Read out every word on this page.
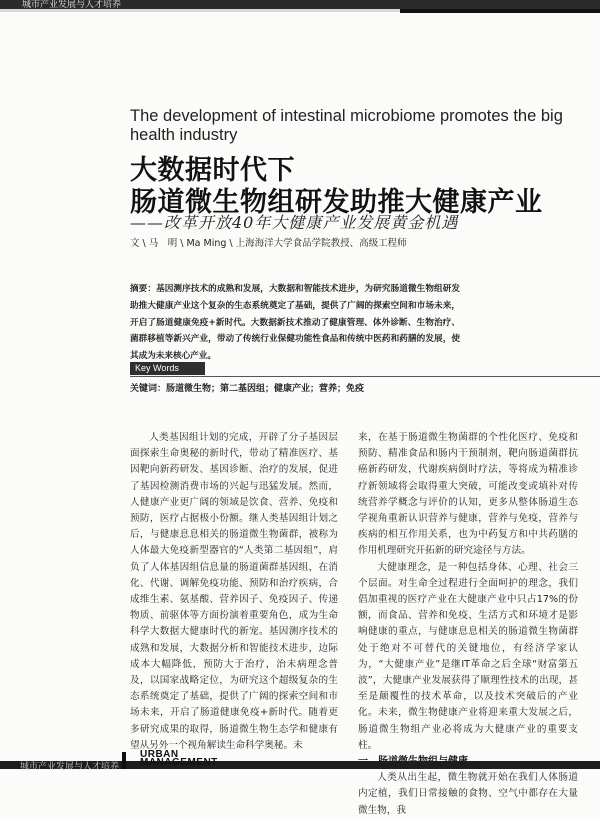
城市产业发展与人才培养
The development of intestinal microbiome promotes the big health industry
大数据时代下
肠道微生物组研发助推大健康产业
——改革开放40年大健康产业发展黄金机遇
文 \ 马　明 \ Ma Ming \ 上海海洋大学食品学院教授、高级工程师
摘要：基因测序技术的成熟和发展，大数据和智能技术进步，为研究肠道微生物组研发助推大健康产业这个复杂的生态系统奠定了基础，提供了广阔的探索空间和市场未来，开启了肠道健康免疫+新时代。大数据新技术推动了健康管理、体外诊断、生物治疗、菌群移植等新兴产业，带动了传统行业保健功能性食品和传统中医药和药膳的发展，使其成为未来核心产业。
Key Words
关键词：肠道微生物；第二基因组；健康产业；营养；免疫

人类基因组计划的完成，开辟了分子基因层面探索生命奥秘的新时代，带动了精准医疗、基因靶向新药研发、基因诊断、治疗的发展，促进了基因检测消费市场的兴起与迅猛发展。然而，人健康产业更广阔的领域是饮食、营养、免疫和预防，医疗占据极小份额。继人类基因组计划之后，与健康息息相关的肠道微生物菌群，被称为人体最大免疫新型器官的“人类第二基因组”，肩负了人体基因组信息量的肠道菌群基因组，在消化、代谢、调解免疫功能、预防和治疗疾病，合成维生素、氨基酸、营养因子、免疫因子、传递物质、前驱体等方面扮演着重要角色，成为生命科学大数据大健康时代的新宠。基因测序技术的成熟和发展，大数据分析和智能技术进步，边际成本大幅降低，预防大于治疗，治未病理念普及，以国家战略定位，为研究这个超级复杂的生态系统奠定了基础，提供了广阔的探索空间和市场未来，开启了肠道健康免疫+新时代。随着更多研究成果的取得，肠道微生物生态学和健康有望从另外一个视角解读生命科学奥秘。未

来，在基于肠道微生物菌群的个性化医疗、免疫和预防、精准食品和肠内干预制剂，靶向肠道菌群抗癌新药研发，代谢疾病倒时疗法，等将成为精准诊疗新领域将会取得重大突破，可能改变或填补对传统营养学概念与评价的认知，更多从整体肠道生态学视角重新认识营养与健康，营养与免疫，营养与疾病的相互作用关系，也为中药复方和中共药膳的作用机理研究开拓新的研究途径与方法。

大健康理念，是一种包括身体、心理、社会三个层面。对生命全过程进行全面呵护的理念，我们倡加重视的医疗产业在大健康产业中只占17%的份额，而食品、营养和免疫、生活方式和环境才是影响健康的重点，与健康息息相关的肠道微生物菌群处于绝对不可替代的关键地位，有经济学家认为，“大健康产业”是继IT革命之后全球“财富第五波”，大健康产业发展获得了顺理性技术的出现，甚至是颠覆性的技术革命，以及技术突破后的产业化。未来，微生物健康产业将迎来重大发展之后，肠道微生物组产业必将成为大健康产业的重要支柱。

人类从出生起，微生物就开始在我们人体肠道内定植，我们日常接触的食物、空气中都存在大量微生物，我

城市产业发展与人才培养
URBAN
MANAGEMENT
